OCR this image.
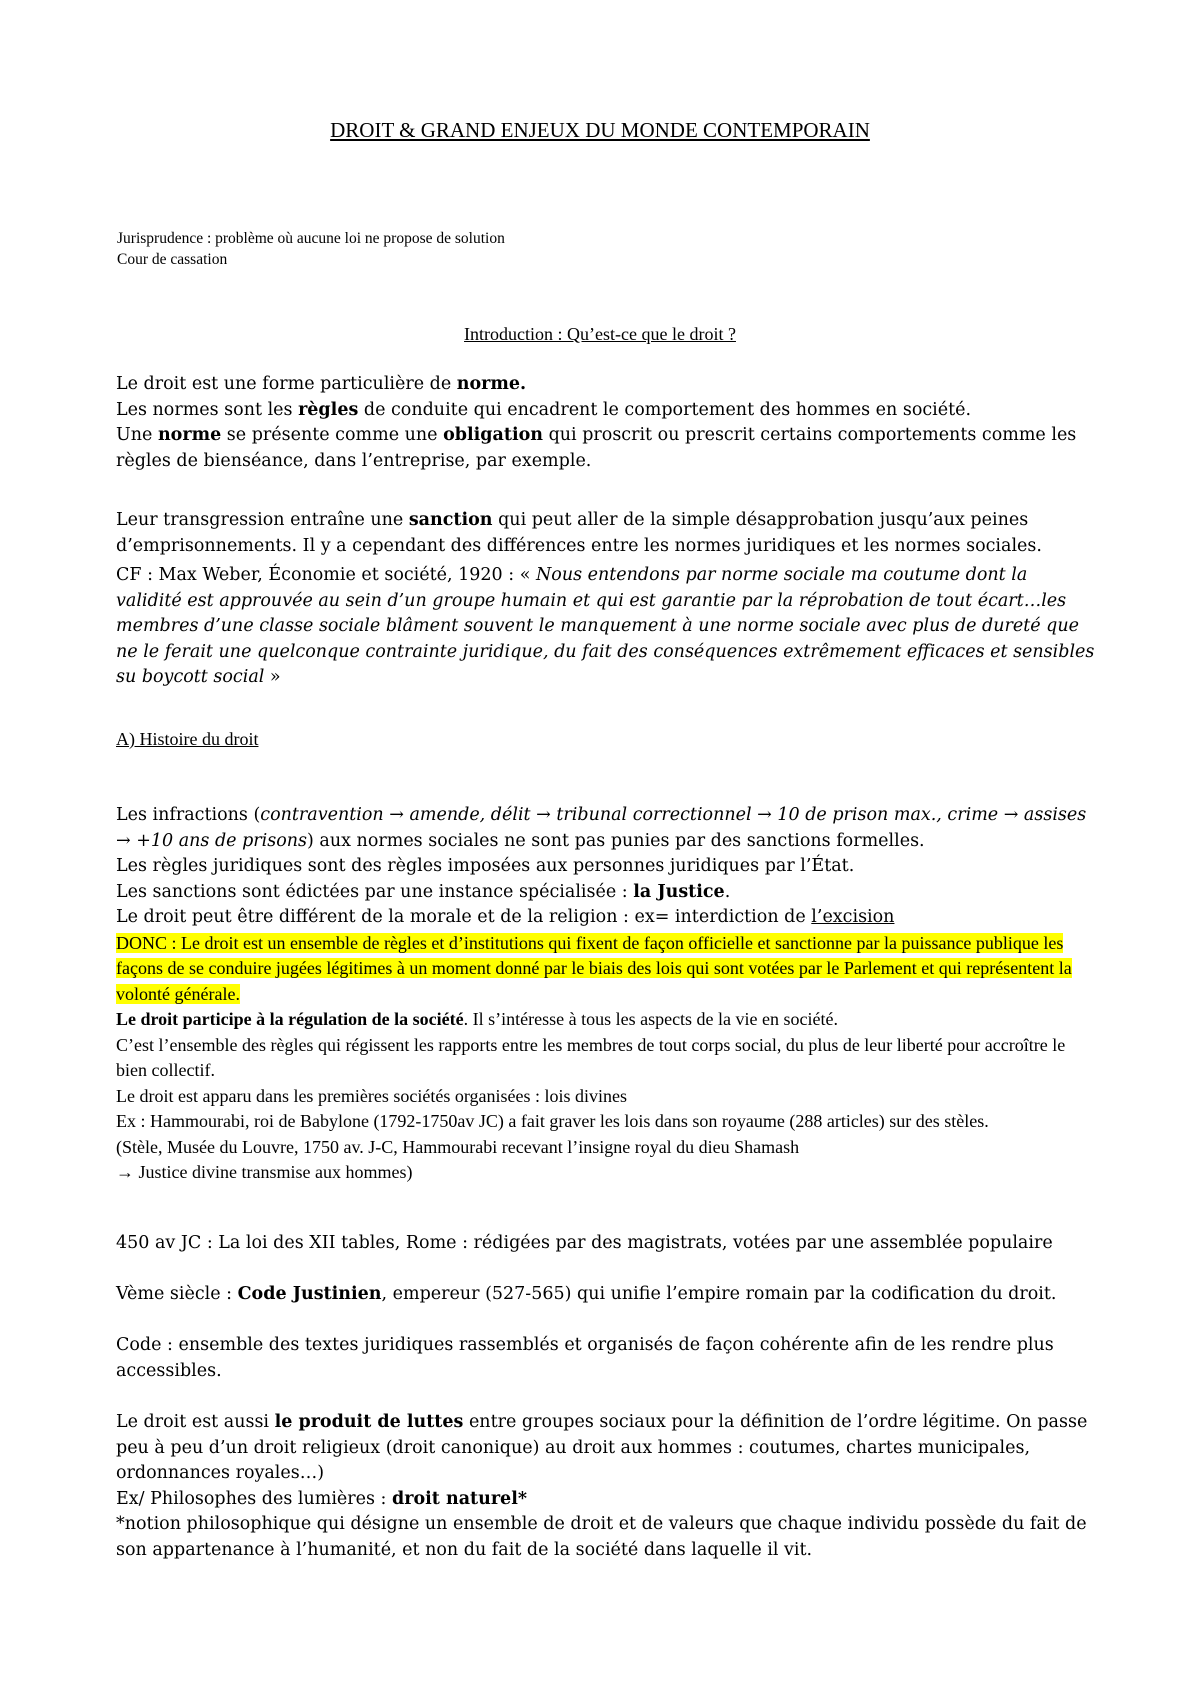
DROIT & GRAND ENJEUX DU MONDE CONTEMPORAIN
Jurisprudence : problème où aucune loi ne propose de solution
Cour de cassation
Introduction : Qu’est-ce que le droit ?

Le droit est une forme particulière de norme.

Les normes sont les règles de conduite qui encadrent le comportement des hommes en société.

Une norme se présente comme une obligation qui proscrit ou prescrit certains comportements comme les règles de bienséance, dans l’entreprise, par exemple.

Leur transgression entraîne une sanction qui peut aller de la simple désapprobation jusqu’aux peines d’emprisonnements. Il y a cependant des différences entre les normes juridiques et les normes sociales.

CF : Max Weber, Économie et société, 1920 : « Nous entendons par norme sociale ma coutume dont la validité est approuvée au sein d’un groupe humain et qui est garantie par la réprobation de tout écart…les membres d’une classe sociale blâment souvent le manquement à une norme sociale avec plus de dureté que ne le ferait une quelconque contrainte juridique, du fait des conséquences extrêmement efficaces et sensibles su boycott social »

A) Histoire du droit

Les infractions (contravention → amende, délit → tribunal correctionnel → 10 de prison max., crime → assises → +10 ans de prisons) aux normes sociales ne sont pas punies par des sanctions formelles.

Les règles juridiques sont des règles imposées aux personnes juridiques par l’État.

Les sanctions sont édictées par une instance spécialisée : la Justice.

Le droit peut être différent de la morale et de la religion : ex= interdiction de l’excision

DONC : Le droit est un ensemble de règles et d’institutions qui fixent de façon officielle et sanctionne par la puissance publique les façons de se conduire jugées légitimes à un moment donné par le biais des lois qui sont votées par le Parlement et qui représentent la volonté générale.

Le droit participe à la régulation de la société. Il s’intéresse à tous les aspects de la vie en société.

C’est l’ensemble des règles qui régissent les rapports entre les membres de tout corps social, du plus de leur liberté pour accroître le bien collectif.

Le droit est apparu dans les premières sociétés organisées : lois divines

Ex : Hammourabi, roi de Babylone (1792-1750av JC) a fait graver les lois dans son royaume (288 articles) sur des stèles.

(Stèle, Musée du Louvre, 1750 av. J-C, Hammourabi recevant l’insigne royal du dieu Shamash

→ Justice divine transmise aux hommes)

450 av JC : La loi des XII tables, Rome : rédigées par des magistrats, votées par une assemblée populaire

Vème siècle : Code Justinien, empereur (527-565) qui unifie l’empire romain par la codification du droit.

Code : ensemble des textes juridiques rassemblés et organisés de façon cohérente afin de les rendre plus accessibles.

Le droit est aussi le produit de luttes entre groupes sociaux pour la définition de l’ordre légitime. On passe peu à peu d’un droit religieux (droit canonique) au droit aux hommes : coutumes, chartes municipales, ordonnances royales…)

Ex/ Philosophes des lumières : droit naturel*

*notion philosophique qui désigne un ensemble de droit et de valeurs que chaque individu possède du fait de son appartenance à l’humanité, et non du fait de la société dans laquelle il vit.
